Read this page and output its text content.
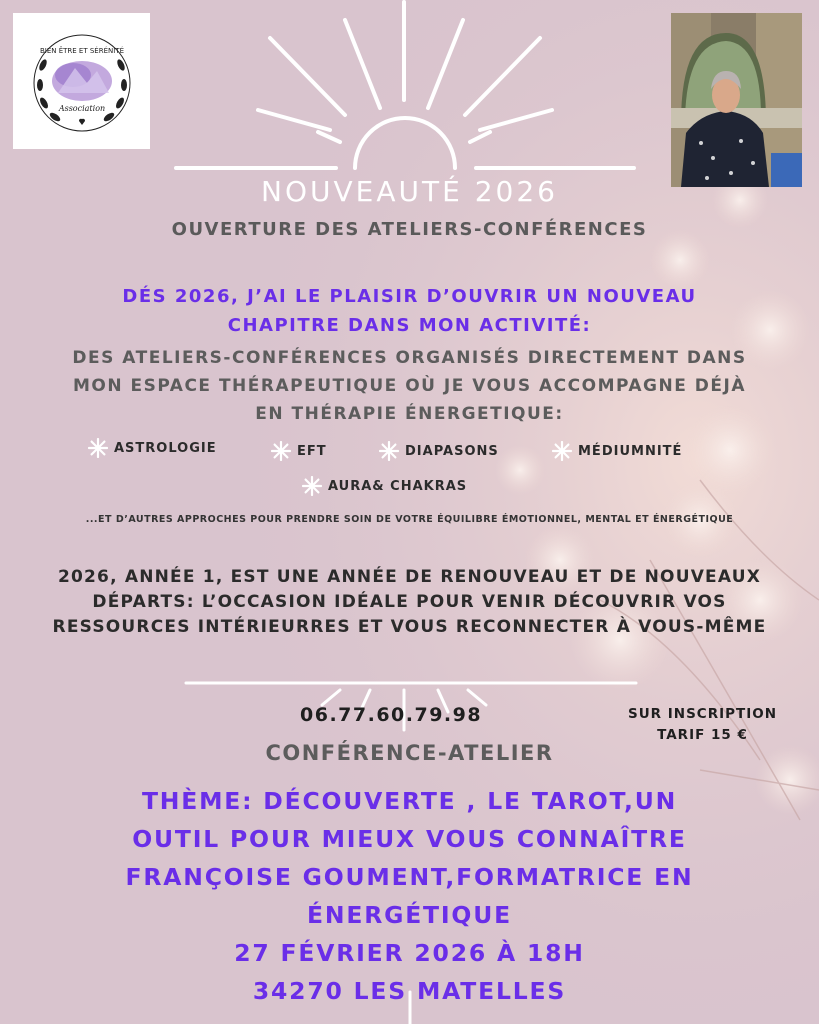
BIEN ÊTRE ET SÉRÉNITÉ
Association
NOUVEAUTÉ 2026
OUVERTURE DES ATELIERS-CONFÉRENCES
DÉS 2026, J’AI LE PLAISIR D’OUVRIR UN NOUVEAU
CHAPITRE DANS MON ACTIVITÉ:
DES ATELIERS-CONFÉRENCES ORGANISÉS DIRECTEMENT DANS
MON ESPACE THÉRAPEUTIQUE OÙ JE VOUS ACCOMPAGNE DÉJÀ
EN THÉRAPIE ÉNERGETIQUE:
ASTROLOGIE	EFT	DIAPASONS	MÉDIUMNITÉ
AURA& CHAKRAS
...ET D’AUTRES APPROCHES POUR PRENDRE SOIN DE VOTRE ÉQUILIBRE ÉMOTIONNEL, MENTAL ET ÉNERGÉTIQUE
2026, ANNÉE 1, EST UNE ANNÉE DE RENOUVEAU ET DE NOUVEAUX
DÉPARTS: L’OCCASION IDÉALE POUR VENIR DÉCOUVRIR VOS
RESSOURCES INTÉRIEURRES ET VOUS RECONNECTER À VOUS-MÊME
06.77.60.79.98	SUR INSCRIPTION
TARIF 15 €
CONFÉRENCE-ATELIER
THÈME: DÉCOUVERTE , LE TAROT,UN
OUTIL POUR MIEUX VOUS CONNAÎTRE
FRANÇOISE GOUMENT,FORMATRICE EN
ÉNERGÉTIQUE
27 FÉVRIER 2026 À 18H
34270 LES MATELLES
